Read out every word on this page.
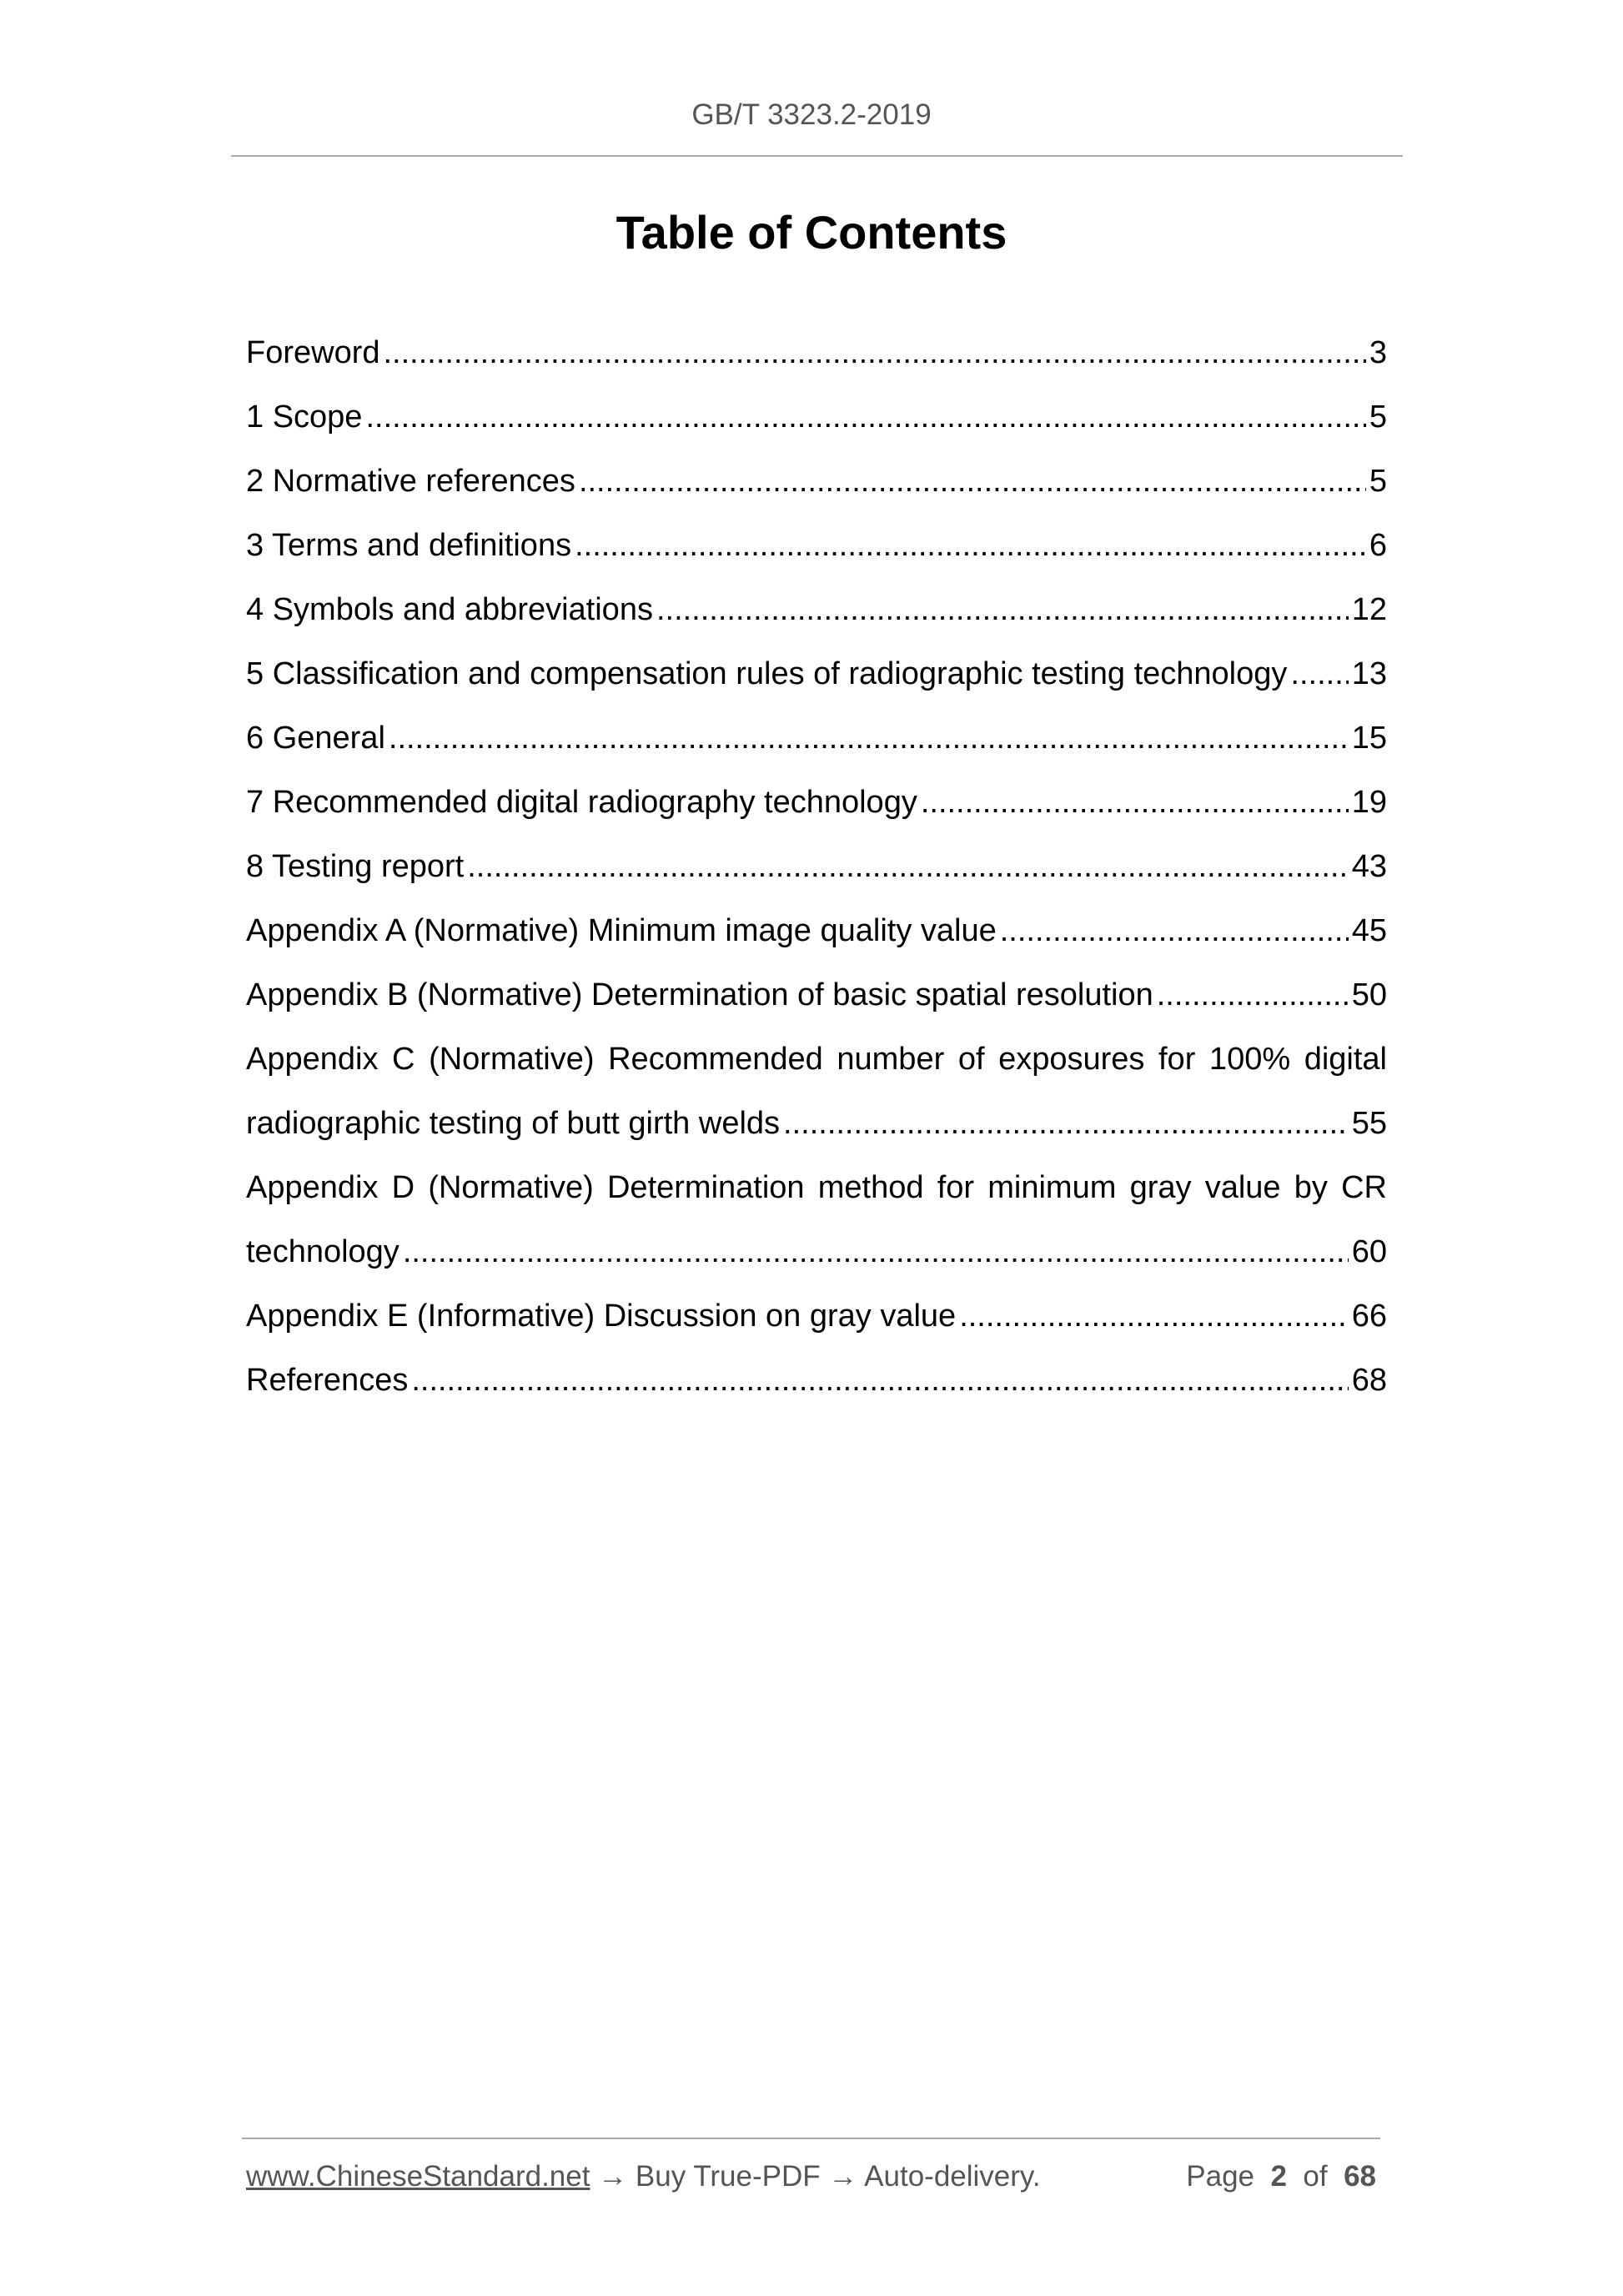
GB/T 3323.2-2019
Table of Contents
Foreword .....	3
1 Scope .....	5
2 Normative references .....	5
3 Terms and definitions .....	6
4 Symbols and abbreviations .....	12
5 Classification and compensation rules of radiographic testing technology ..... 13
6 General .....	15
7 Recommended digital radiography technology .....	19
8 Testing report .....	43
Appendix A (Normative) Minimum image quality value .....	45
Appendix B (Normative) Determination of basic spatial resolution .....	50
Appendix C (Normative) Recommended number of exposures for 100% digital
radiographic testing of butt girth welds .....	55
Appendix D (Normative) Determination method for minimum gray value by CR
technology .....	60
Appendix E (Informative) Discussion on gray value .....	66
References .....	68
www.ChineseStandard.net → Buy True-PDF → Auto-delivery.	Page 2 of 68
